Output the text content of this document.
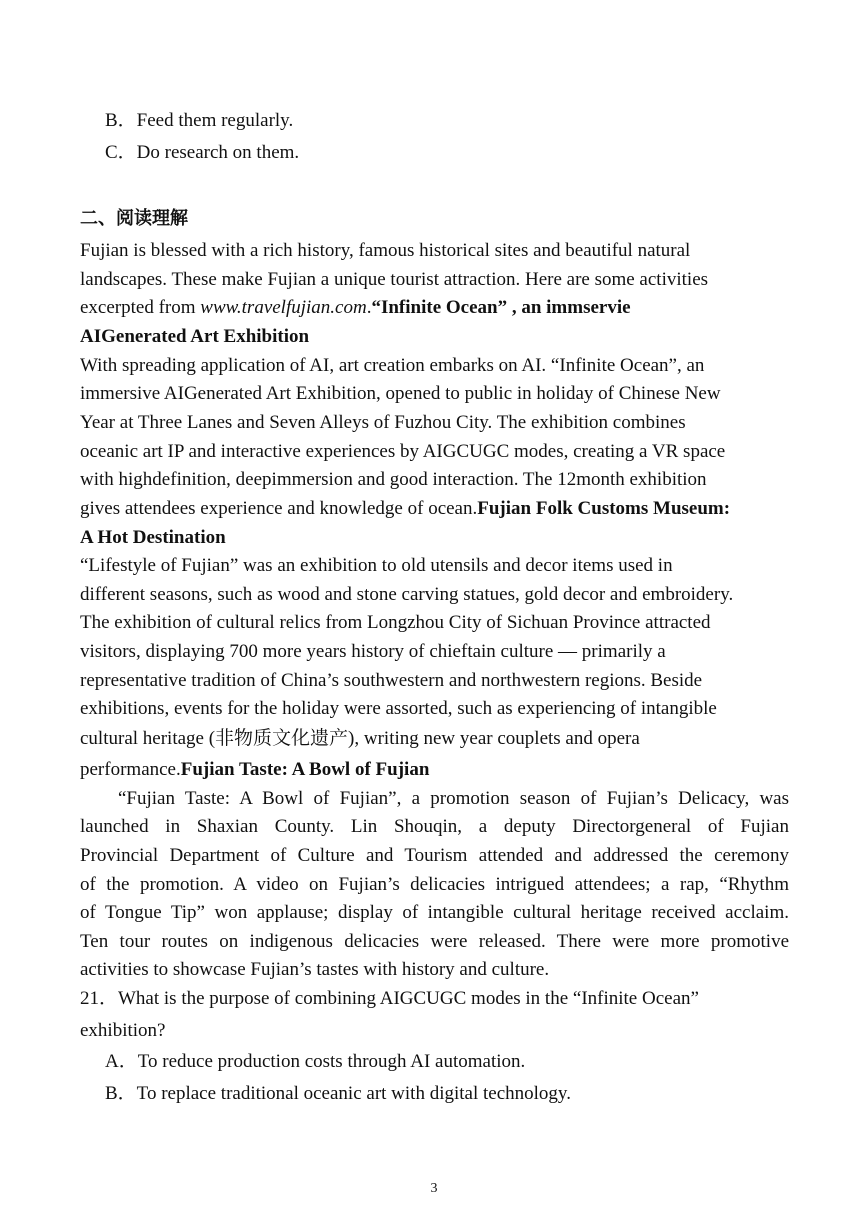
B．Feed them regularly.
C．Do research on them.
二、阅读理解
Fujian is blessed with a rich history, famous historical sites and beautiful natural
landscapes. These make Fujian a unique tourist attraction. Here are some activities
excerpted from www.travelfujian.com.“Infinite Ocean” , an immservie
AIGenerated Art Exhibition
With spreading application of AI, art creation embarks on AI. “Infinite Ocean”, an
immersive AIGenerated Art Exhibition, opened to public in holiday of Chinese New
Year at Three Lanes and Seven Alleys of Fuzhou City. The exhibition combines
oceanic art IP and interactive experiences by AIGCUGC modes, creating a VR space
with highdefinition, deepimmersion and good interaction. The 12month exhibition
gives attendees experience and knowledge of ocean.Fujian Folk Customs Museum:
A Hot Destination
“Lifestyle of Fujian” was an exhibition to old utensils and decor items used in
different seasons, such as wood and stone carving statues, gold decor and embroidery.
The exhibition of cultural relics from Longzhou City of Sichuan Province attracted
visitors, displaying 700 more years history of chieftain culture — primarily a
representative tradition of China’s southwestern and northwestern regions. Beside
exhibitions, events for the holiday were assorted, such as experiencing of intangible
cultural heritage (非物质文化遗产), writing new year couplets and opera
performance.Fujian Taste: A Bowl of Fujian
“Fujian Taste: A Bowl of Fujian”, a promotion season of Fujian’s Delicacy, was
launched in Shaxian County. Lin Shouqin, a deputy Directorgeneral of Fujian
Provincial Department of Culture and Tourism attended and addressed the ceremony
of the promotion. A video on Fujian’s delicacies intrigued attendees; a rap, “Rhythm
of Tongue Tip” won applause; display of intangible cultural heritage received acclaim.
Ten tour routes on indigenous delicacies were released. There were more promotive
activities to showcase Fujian’s tastes with history and culture.
21．What is the purpose of combining AIGCUGC modes in the “Infinite Ocean”
exhibition?
A．To reduce production costs through AI automation.
B．To replace traditional oceanic art with digital technology.
3
